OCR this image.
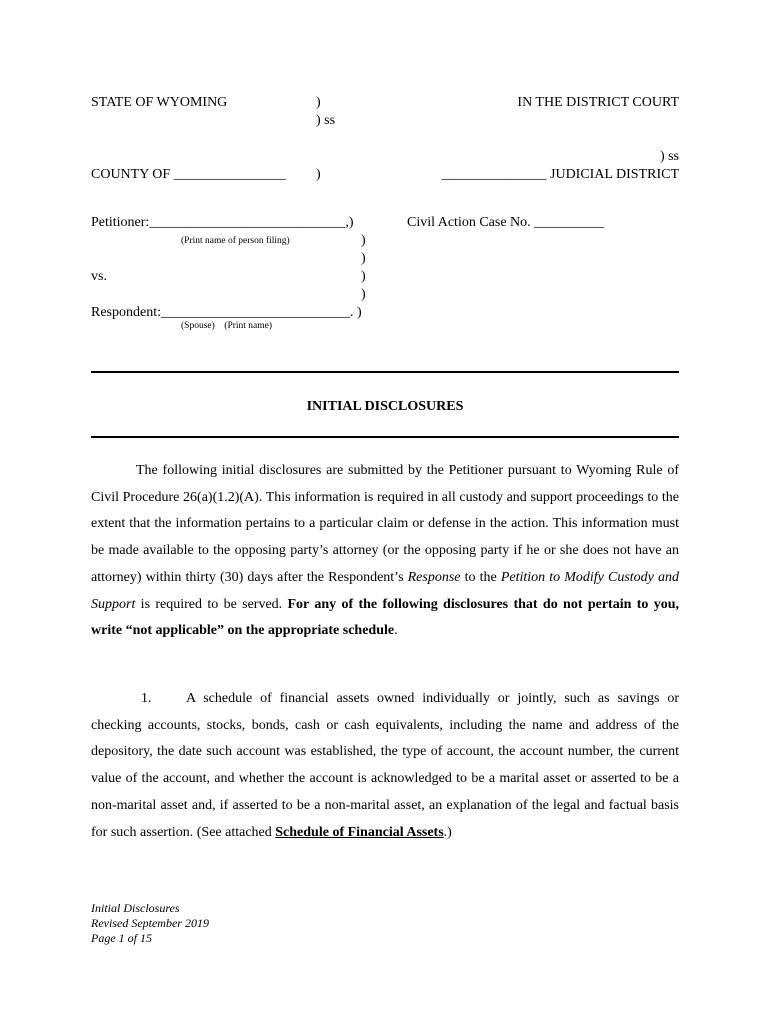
STATE OF WYOMING	)
) ss
IN THE DISTRICT COURT
) ss
COUNTY OF ________________ )	_______________ JUDICIAL DISTRICT
Petitioner:____________________________,)
(Print name of person filing)	)
)
vs.	)
)
Respondent:___________________________. )
(Spouse)    (Print name)
Civil Action Case No. __________
INITIAL DISCLOSURES
The following initial disclosures are submitted by the Petitioner pursuant to Wyoming Rule of Civil Procedure 26(a)(1.2)(A). This information is required in all custody and support proceedings to the extent that the information pertains to a particular claim or defense in the action. This information must be made available to the opposing party’s attorney (or the opposing party if he or she does not have an attorney) within thirty (30) days after the Respondent’s Response to the Petition to Modify Custody and Support is required to be served. For any of the following disclosures that do not pertain to you, write “not applicable” on the appropriate schedule.
1. A schedule of financial assets owned individually or jointly, such as savings or checking accounts, stocks, bonds, cash or cash equivalents, including the name and address of the depository, the date such account was established, the type of account, the account number, the current value of the account, and whether the account is acknowledged to be a marital asset or asserted to be a non-marital asset and, if asserted to be a non-marital asset, an explanation of the legal and factual basis for such assertion. (See attached Schedule of Financial Assets.)
Initial Disclosures
Revised September 2019
Page 1 of 15
